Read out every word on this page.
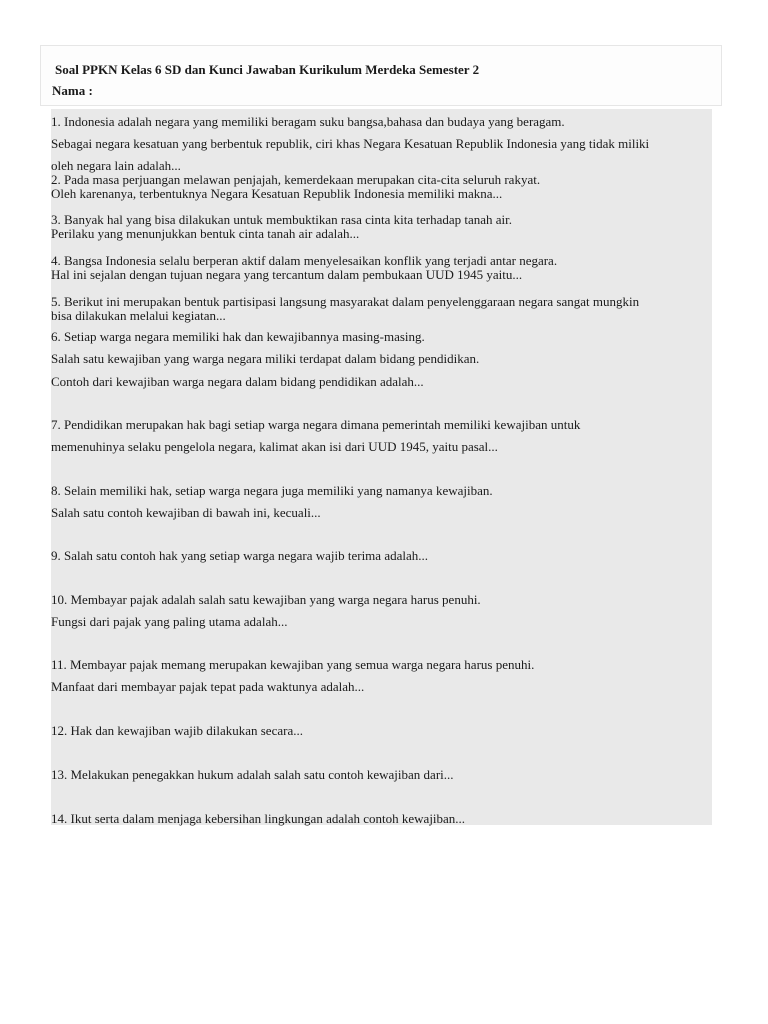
Soal PPKN Kelas 6 SD dan Kunci Jawaban Kurikulum Merdeka Semester 2
Nama :

1. Indonesia adalah negara yang memiliki beragam suku bangsa,bahasa dan budaya yang beragam.

Sebagai negara kesatuan yang berbentuk republik, ciri khas Negara Kesatuan Republik Indonesia yang tidak miliki

oleh negara lain adalah...

2. Pada masa perjuangan melawan penjajah, kemerdekaan merupakan cita-cita seluruh rakyat.

Oleh karenanya, terbentuknya Negara Kesatuan Republik Indonesia memiliki makna...

3. Banyak hal yang bisa dilakukan untuk membuktikan rasa cinta kita terhadap tanah air.

Perilaku yang menunjukkan bentuk cinta tanah air adalah...

4. Bangsa Indonesia selalu berperan aktif dalam menyelesaikan konflik yang terjadi antar negara.

Hal ini sejalan dengan tujuan negara yang tercantum dalam pembukaan UUD 1945 yaitu...

5. Berikut ini merupakan bentuk partisipasi langsung masyarakat dalam penyelenggaraan negara sangat mungkin

bisa dilakukan melalui kegiatan...

6. Setiap warga negara memiliki hak dan kewajibannya masing-masing.

Salah satu kewajiban yang warga negara miliki terdapat dalam bidang pendidikan.

Contoh dari kewajiban warga negara dalam bidang pendidikan adalah...

7. Pendidikan merupakan hak bagi setiap warga negara dimana pemerintah memiliki kewajiban untuk

memenuhinya selaku pengelola negara, kalimat akan isi dari UUD 1945, yaitu pasal...

8. Selain memiliki hak, setiap warga negara juga memiliki yang namanya kewajiban.

Salah satu contoh kewajiban di bawah ini, kecuali...

9. Salah satu contoh hak yang setiap warga negara wajib terima adalah...

10. Membayar pajak adalah salah satu kewajiban yang warga negara harus penuhi.

Fungsi dari pajak yang paling utama adalah...

11. Membayar pajak memang merupakan kewajiban yang semua warga negara harus penuhi.

Manfaat dari membayar pajak tepat pada waktunya adalah...

12. Hak dan kewajiban wajib dilakukan secara...

13. Melakukan penegakkan hukum adalah salah satu contoh kewajiban dari...

14. Ikut serta dalam menjaga kebersihan lingkungan adalah contoh kewajiban...
